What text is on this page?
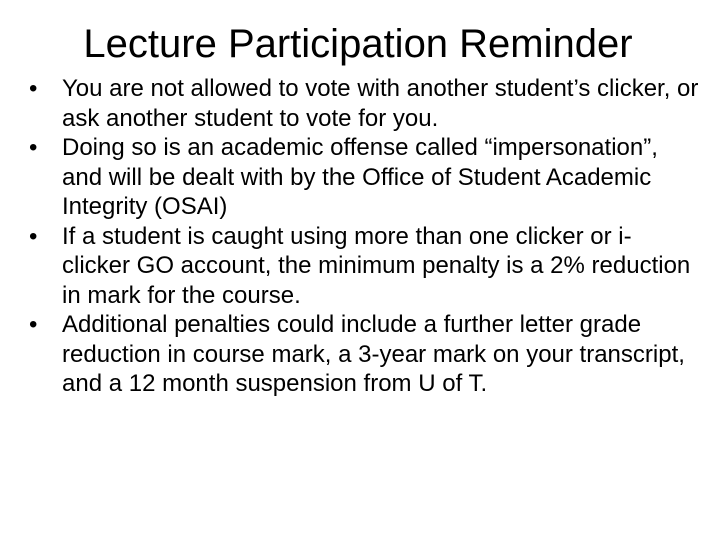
Lecture Participation Reminder
•	You are not allowed to vote with another student’s clicker, or ask another student to vote for you.
•	Doing so is an academic offense called “impersonation”, and will be dealt with by the Office of Student Academic Integrity (OSAI)
•	If a student is caught using more than one clicker or i-clicker GO account, the minimum penalty is a 2% reduction in mark for the course.
•	Additional penalties could include a further letter grade reduction in course mark, a 3-year mark on your transcript, and a 12 month suspension from U of T.
